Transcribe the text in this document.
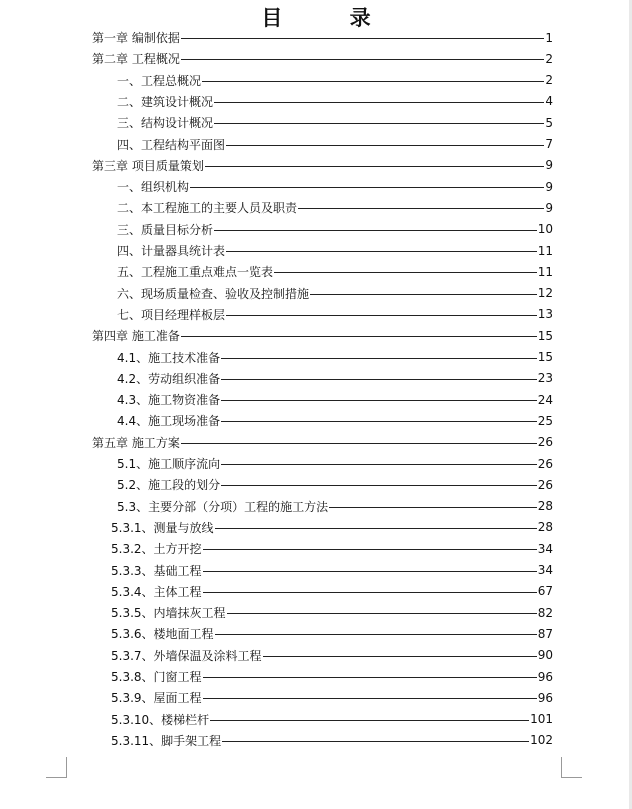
目 录
第一章 编制依据	1
第二章 工程概况	2
一、工程总概况	2
二、建筑设计概况	4
三、结构设计概况	5
四、工程结构平面图	7
第三章 项目质量策划	9
一、组织机构	9
二、本工程施工的主要人员及职责	9
三、质量目标分析	10
四、计量器具统计表	11
五、工程施工重点难点一览表	11
六、现场质量检查、验收及控制措施	12
七、项目经理样板层	13
第四章 施工准备	15
4.1、施工技术准备	15
4.2、劳动组织准备	23
4.3、施工物资准备	24
4.4、施工现场准备	25
第五章 施工方案	26
5.1、施工顺序流向	26
5.2、施工段的划分	26
5.3、主要分部（分项）工程的施工方法	28
5.3.1、测量与放线	28
5.3.2、土方开挖	34
5.3.3、基础工程	34
5.3.4、主体工程	67
5.3.5、内墙抹灰工程	82
5.3.6、楼地面工程	87
5.3.7、外墙保温及涂料工程	90
5.3.8、门窗工程	96
5.3.9、屋面工程	96
5.3.10、楼梯栏杆	101
5.3.11、脚手架工程	102
